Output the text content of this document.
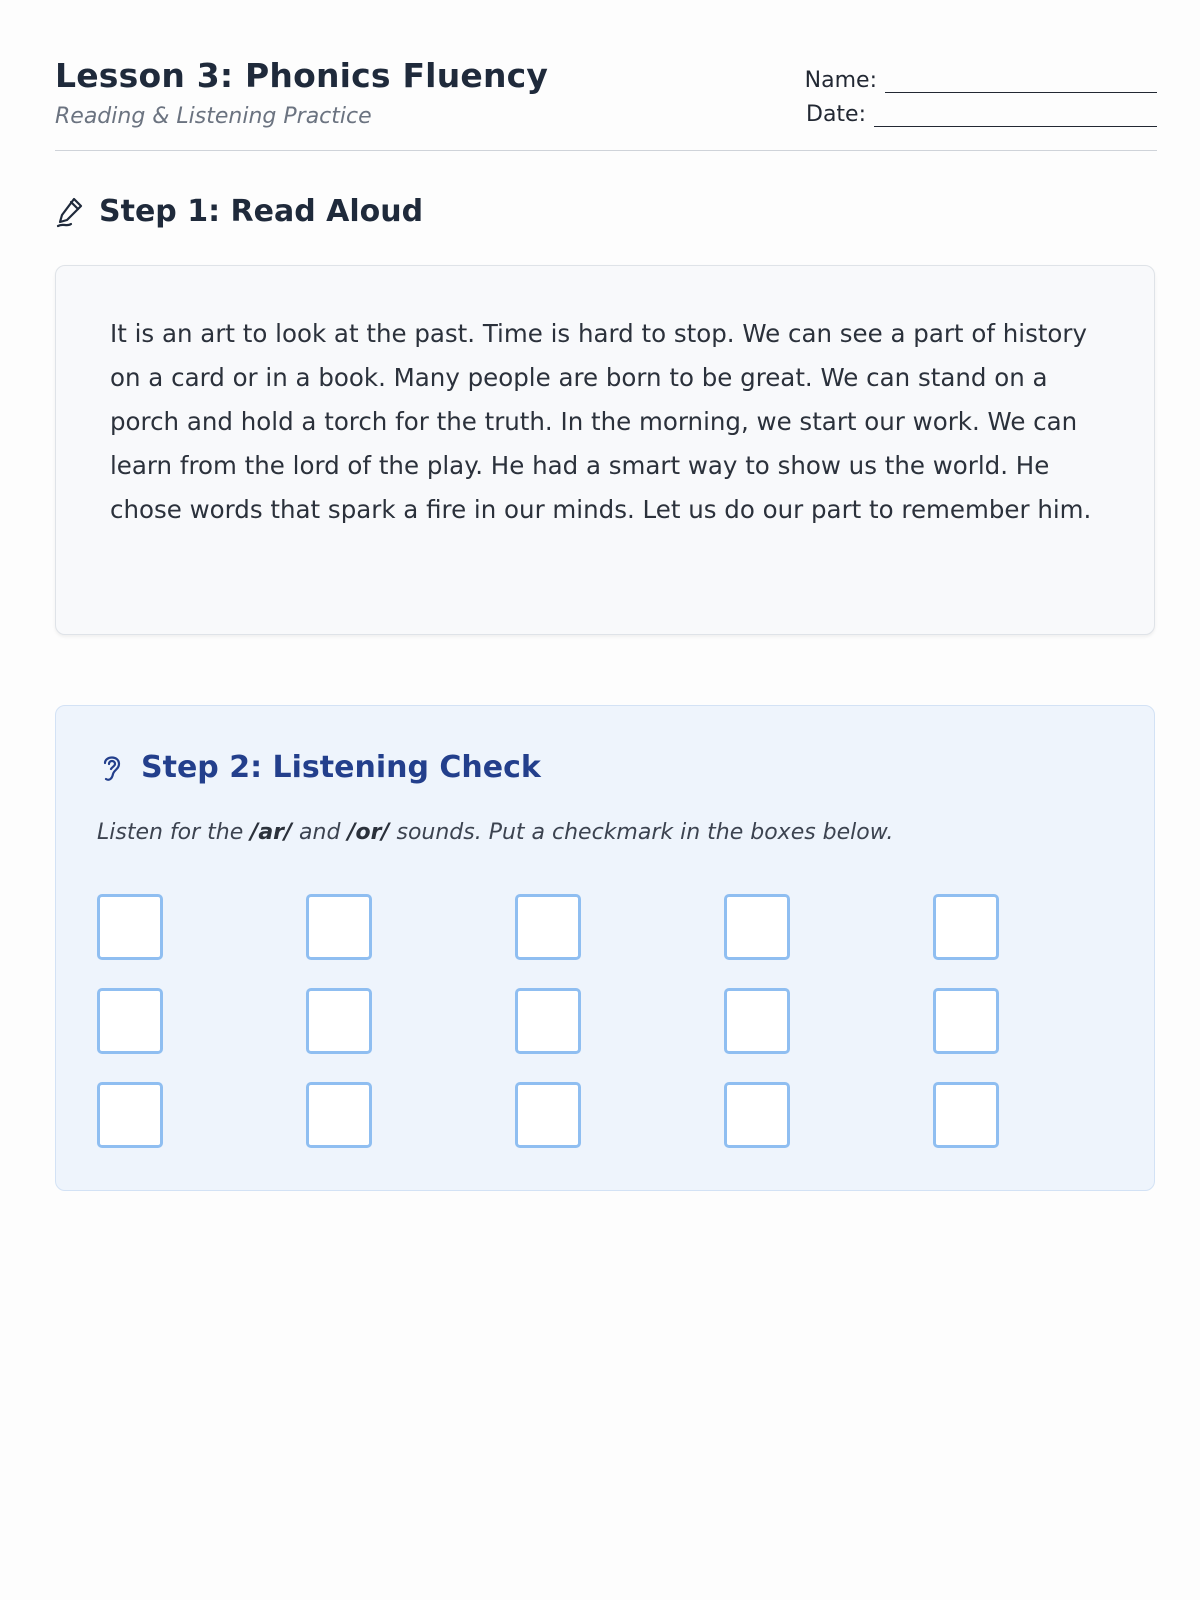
Lesson 3: Phonics Fluency
Reading & Listening Practice
Name:
Date:
Step 1: Read Aloud

It is an art to look at the past. Time is hard to stop. We can see a part of history on a card or in a book. Many people are born to be great. We can stand on a porch and hold a torch for the truth. In the morning, we start our work. We can learn from the lord of the play. He had a smart way to show us the world. He chose words that spark a fire in our minds. Let us do our part to remember him.

Step 2: Listening Check
Listen for the /ar/ and /or/ sounds. Put a checkmark in the boxes below.
